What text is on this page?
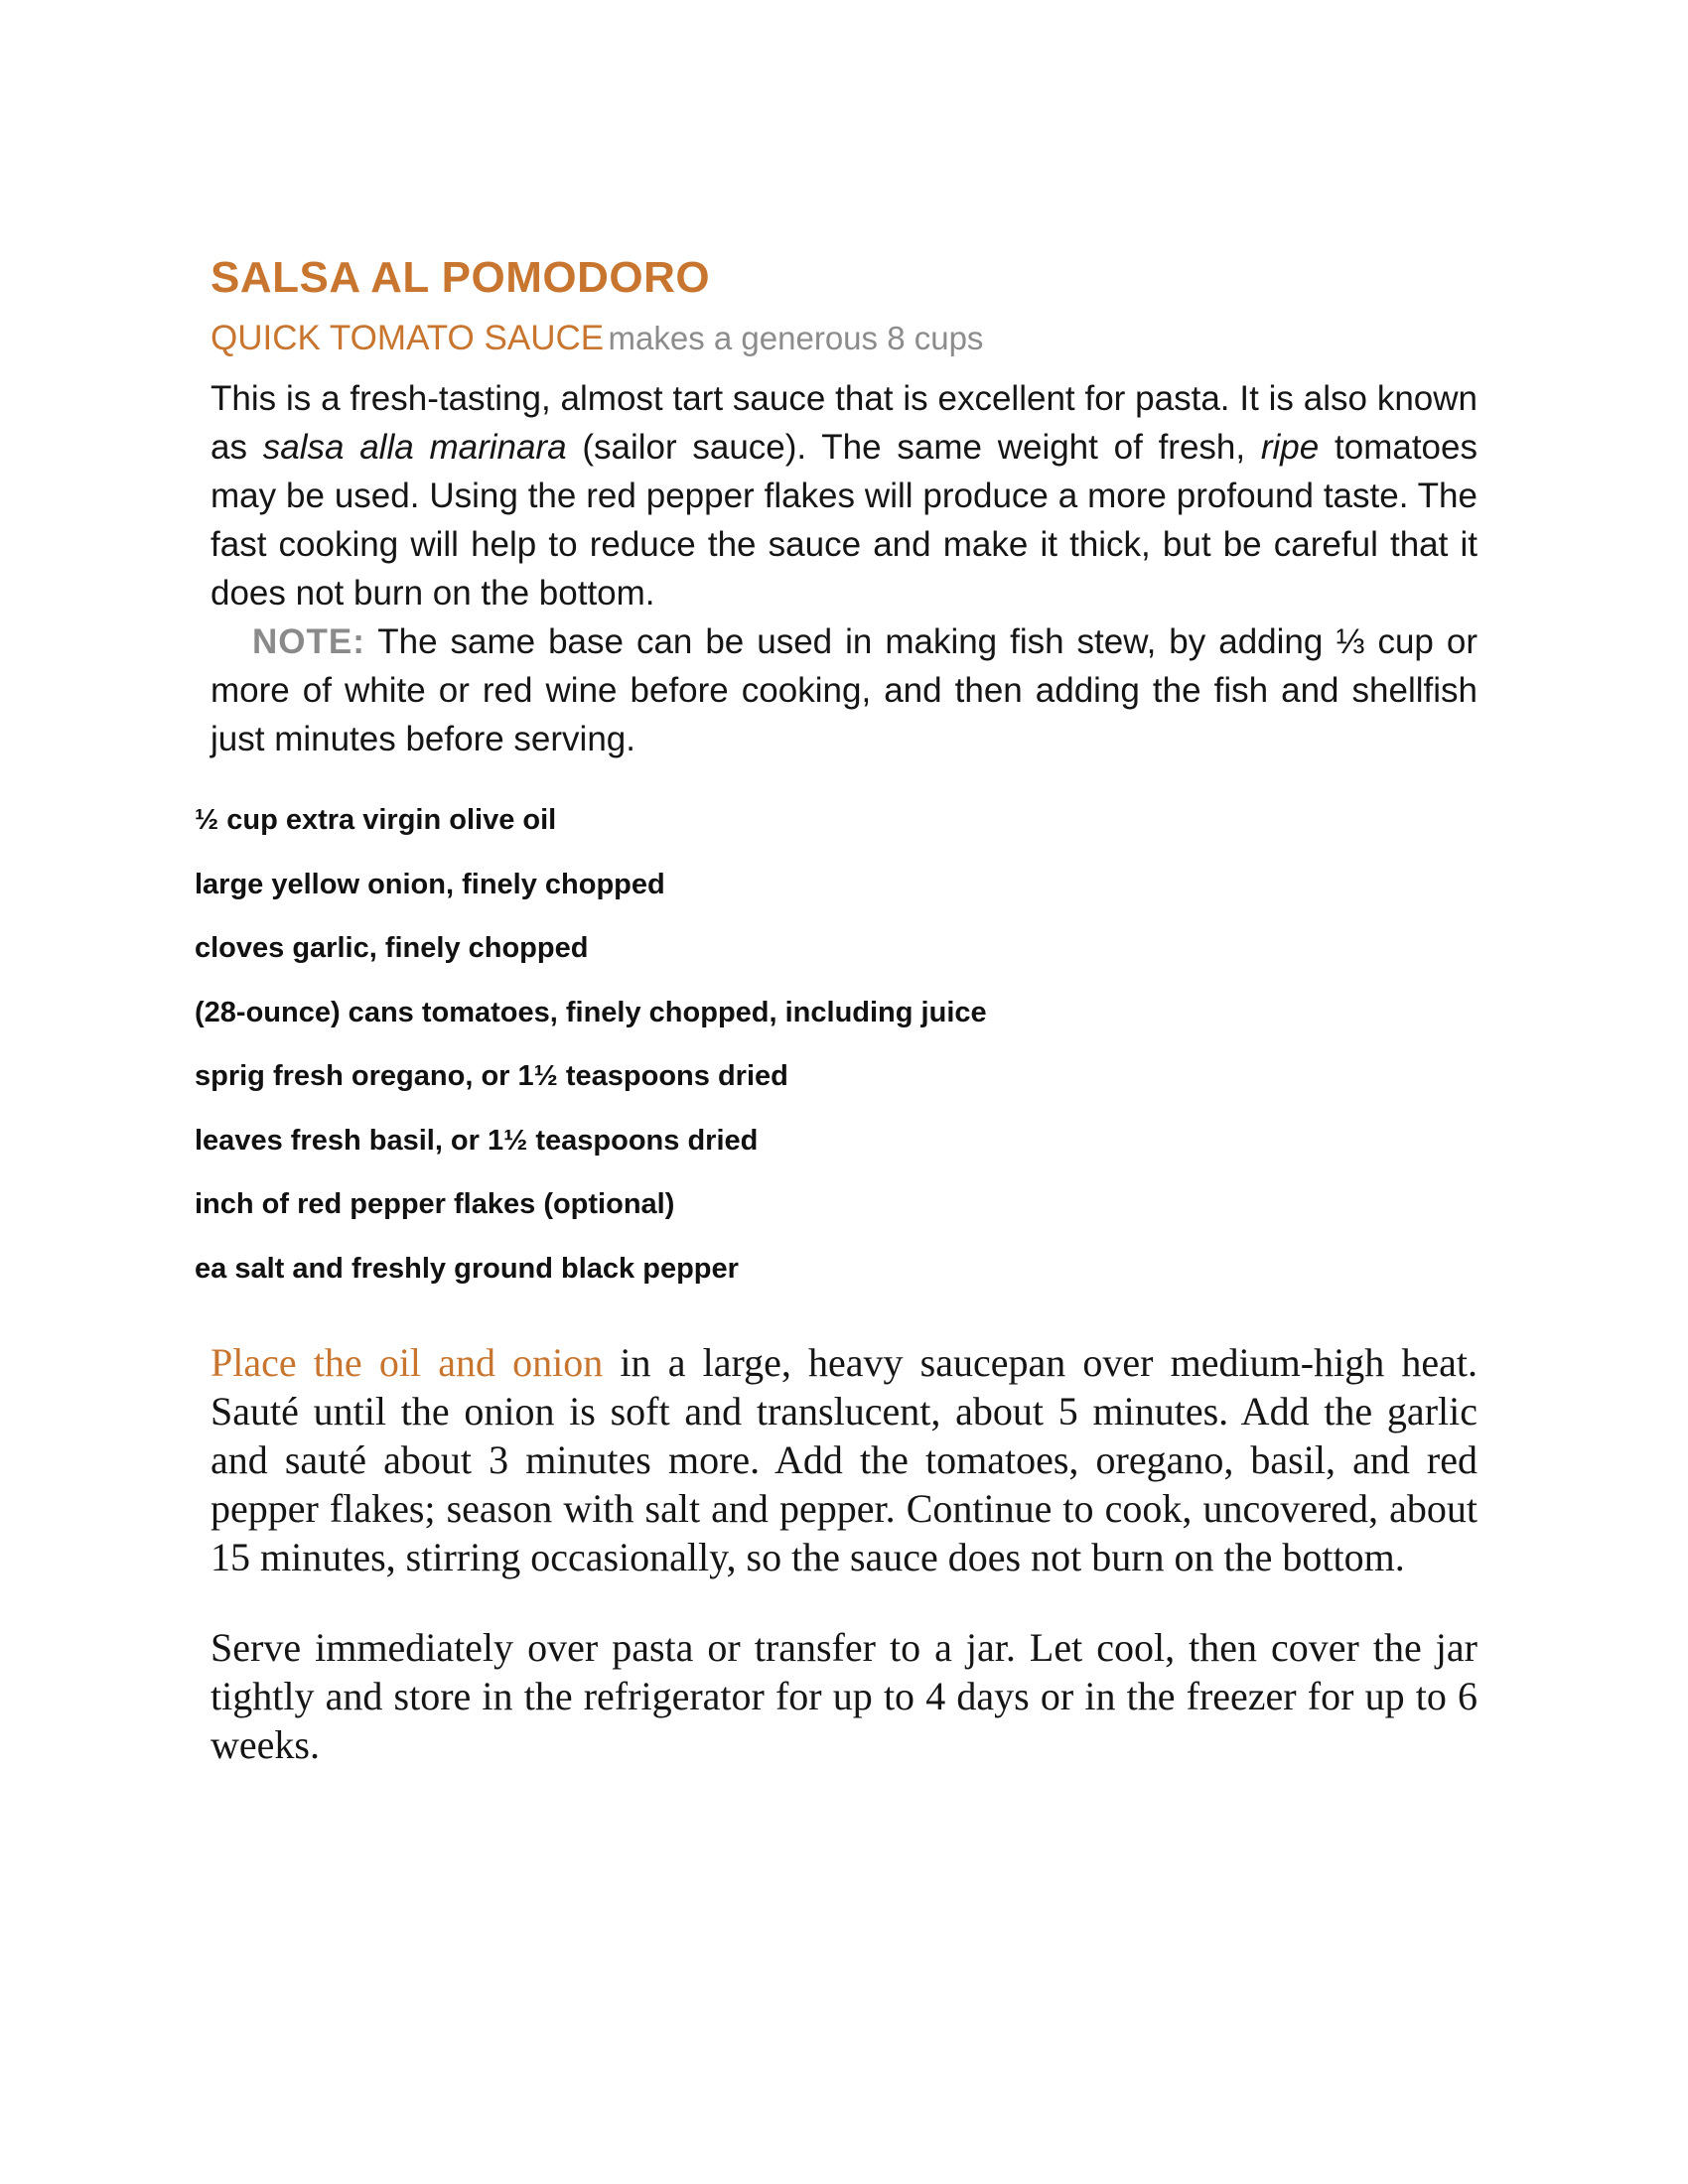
SALSA AL POMODORO
QUICK TOMATO SAUCE makes a generous 8 cups

This is a fresh-tasting, almost tart sauce that is excellent for pasta. It is also known as salsa alla marinara (sailor sauce). The same weight of fresh, ripe tomatoes may be used. Using the red pepper flakes will produce a more profound taste. The fast cooking will help to reduce the sauce and make it thick, but be careful that it does not burn on the bottom.

NOTE: The same base can be used in making fish stew, by adding ⅓ cup or more of white or red wine before cooking, and then adding the fish and shellfish just minutes before serving.

½ cup extra virgin olive oil
large yellow onion, finely chopped
cloves garlic, finely chopped
(28-ounce) cans tomatoes, finely chopped, including juice
sprig fresh oregano, or 1½ teaspoons dried
leaves fresh basil, or 1½ teaspoons dried
inch of red pepper flakes (optional)
ea salt and freshly ground black pepper

Place the oil and onion in a large, heavy saucepan over medium-high heat. Sauté until the onion is soft and translucent, about 5 minutes. Add the garlic and sauté about 3 minutes more. Add the tomatoes, oregano, basil, and red pepper flakes; season with salt and pepper. Continue to cook, uncovered, about 15 minutes, stirring occasionally, so the sauce does not burn on the bottom.

Serve immediately over pasta or transfer to a jar. Let cool, then cover the jar tightly and store in the refrigerator for up to 4 days or in the freezer for up to 6 weeks.
